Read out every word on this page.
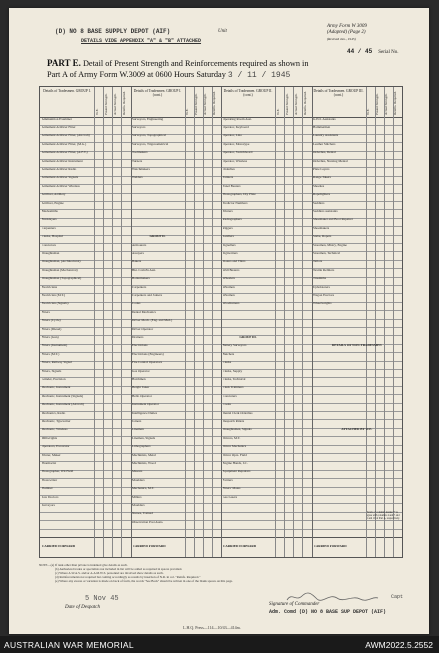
(D) NO 8 BASE SUPPLY DEPOT (AIF)	Unit
DETAILS VIDE APPENDIX "A" & "B" ATTACHED
Army Form W 3009
(Adapted) (Page 2)
(Revised Jan., 1945)
44 / 45 Serial No.
PART E. Detail of Present Strength and Reinforcements required as shown in
Part A of Army Form W.3009 at 0600 Hours Saturday 3 / 11 / 1945
Details of Tradesmen. GROUP I.
W.E. Posted Strength. Actual Strength. Reinfts. Required.
Ammunition Examiner
Armament Artificer Fitter
Armament Artificer Fitter, (Aircraft)
Armament Artificer Fitter, (M.G.)
Armament Artificer Fitter, (A.F.V.)
Armament Artificer Instrument
Armament Artificer Radio
Armament Artificer Signals
Armament Artificer Wireless
Artificer, Artillery
Artificer, Engine
Blacksmiths
Bricklayers
Carpenters
Clerks, Hospital
Concretors
Draughtsman
Draughtsman, (Architectural)
Draughtsman (Mechanical)
Draughtsman (Topographical)
Electricians
Electrician (M.T.)
Electrician (Signals)
Fitters
Fitters (Cycle)
Fitters (Diesel)
Fitters (Gun)
Fitters (Instrument)
Fitters (M.T.)
Fitters, Railway Signal
Fitters, Signals
Grinder, Precision
Mechanic, Instrument
Mechanic, Instrument (Signals)
Mechanic, Instrument (Aircraft)
Mechanics, Radio
Mechanic, Typewriter
Mechanic, Wireless
Millwrights
Operators, Excavator
Printer, Maker
Pharmacist
Photographer, Wit Field
Photowriter
Plumber
Saw Doctors
Surveyors
CARRIED FORWARD
Details of Tradesmen. GROUP I. (cont.)
W.E. Posted Strength. Actual Strength. Reinfts. Required.
Surveyors, Engineering
Surveyors
Surveyors, Topographical
Surveyors, Trigonometrical
Toolmakers
Turners
Watchmakers
Welders
GROUP II.
Armourers
Assayers
Bakers
Bkr. Comd'n Asst.
Boilermakers
Carpenters
Carpenters and Joiners
Cooks
Dental Mechanics
Driver Mech. (Eng. and Med.)
Driver Operator
Drainers
Electricians
Electricians (Engineers)
Fire Control Operators
Gas Operator
Hatchmen
Height Taker
Hello Operator
Instrument Operator
Intelligence Duties
Joiners
Linemen
Linemen, Signals
Lithographers
Machinists, Metal
Machinists, Wood
Masons
Moulders
Mechanics, M.T.
Millers
Moulders
Nurses, Trained
Observation Post Assts.
CARRIED FORWARD
Details of Tradesmen. GROUP II. (cont.)
W.E. Posted Strength. Actual Strength. Reinfts. Required.
Operating Room Asst.
Operator, Keyboard
Operator, Lino
Operator, Monotype
Operator, Switchboard
Operator, Wireless
Orderlies
Painters
Panel Beaters
Photographers, Dry Plate
Predictor Numbers
Printers
Radiographers
Riggers
Saddlers
Signallers
Signwriters
Slaters and Tilers
Wall Beaters
Wheelers
Wiremen
Wiremen
Woodturners
GROUP III.
Battery Surveyors
Butchers
Clerks
Clerks, Supply
Clerks, Technical
Clerk Trimmers
Concreters
Cooks
Dental Clerk Orderlies
Despatch Riders
Draughtsmen, Signals
Drivers, M.T.
Driver Mechanics
Driver Oprs. Field
Engine Hands, I.C.
Equipment Repairers
Farriers
Fitters' Mates
Gas Lasers
CARRIED FORWARD
Details of Tradesmen. GROUP III. (cont.)
W.E. Posted Strength. Actual Strength. Reinfts. Required.
G.P.O. Assistants
Hammermen
Laundry Assistants
Leather Stitchers
Orderlies, Dental
Orderlies, Nursing Mental
Plate Layers
Range Takers
Shoeites
Ropefighters
Saddlers
Saddlers assistants
Shoemaker and Boot Repairer
Shoemakers
Stabe, Ropers
Storemen, Mistry, Engine
Storemen, Technical
Tailors
Textile Refitters
Tinsmiths
Upholsterers
Wagon Erectors
Wheelwrights
DETAILS OF NON-TRADESMEN
ATTACHED BY W.E.
CARRIED FORWARD
Totals of columns marked * to agree with columns 4 and 7 and 1 and 10 of Part A, respectively.
NOTE—(a) If tank other than private is indented give details as such.
(b) Authorized trades or specialists not included in list will be added as required in spaces provided.
(c) Where A.W.A.S. and/or A.A.M.W.S. personnel are involved show details as such.
(d) Reinforcements not required but coming accordingly as results by insertion of N.R. in col. "Reinfs. Required."
(e) Where any excess or variation is made on back of form, the words "See Back" should be written in one of the blank spaces on this page.
5 Nov 45
Date of Despatch
Signature of Commander
Capt
Adm. Comd (D) NO 8 BASE SUP DEPOT (AIF)
L.H.Q. Press—114—10/43—414m.
AUSTRALIAN WAR MEMORIAL	AWM2022.5.2552
